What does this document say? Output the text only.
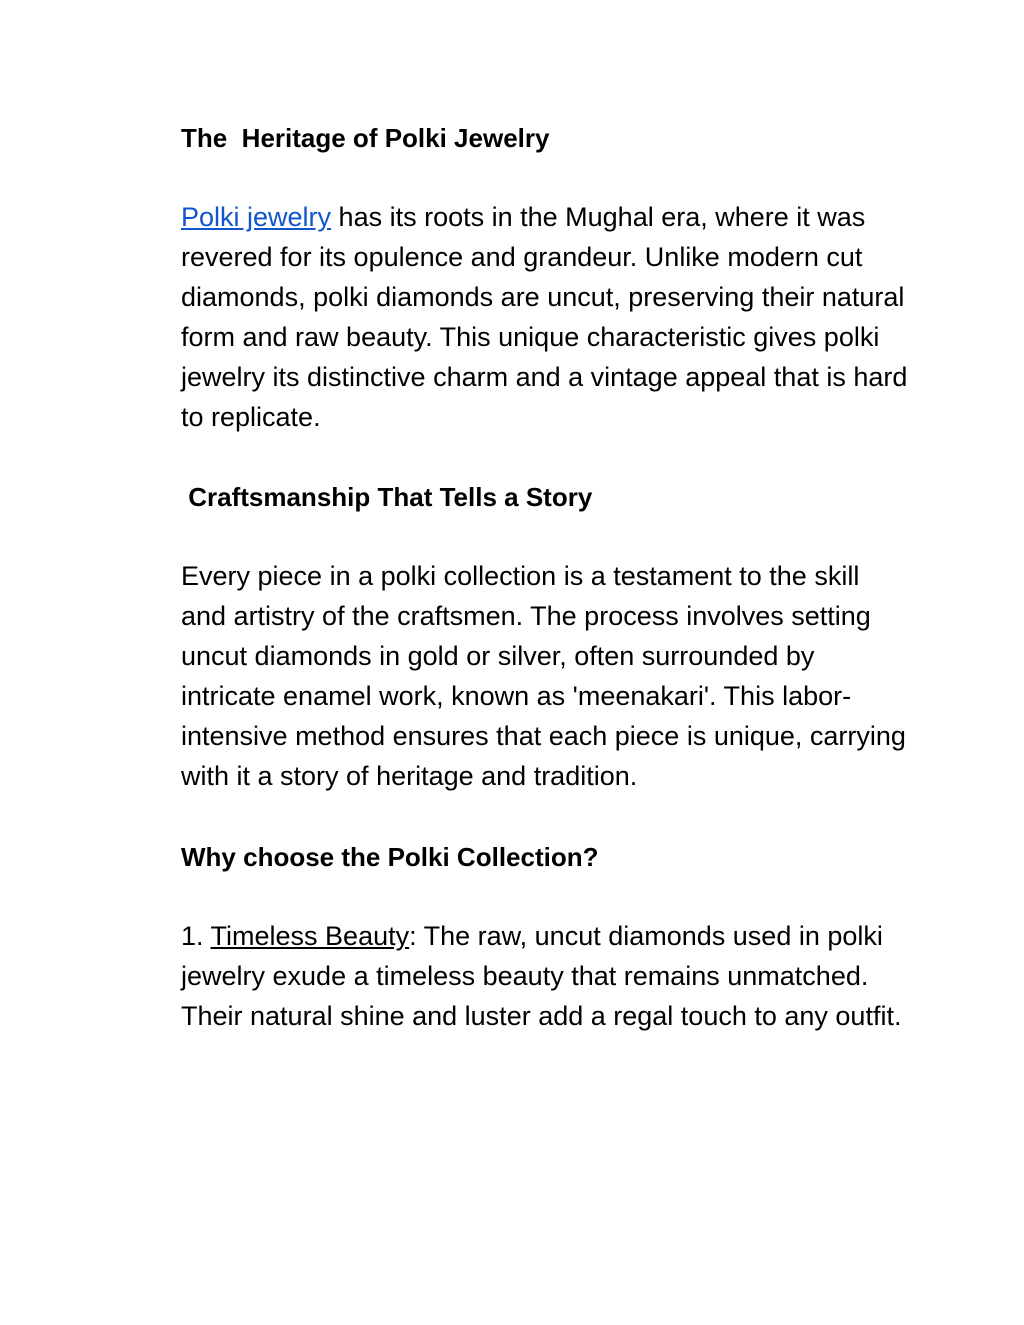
The  Heritage of Polki Jewelry

Polki jewelry has its roots in the Mughal era, where it was revered for its opulence and grandeur. Unlike modern cut diamonds, polki diamonds are uncut, preserving their natural form and raw beauty. This unique characteristic gives polki jewelry its distinctive charm and a vintage appeal that is hard to replicate.

Craftsmanship That Tells a Story

Every piece in a polki collection is a testament to the skill and artistry of the craftsmen. The process involves setting uncut diamonds in gold or silver, often surrounded by intricate enamel work, known as 'meenakari'. This labor-intensive method ensures that each piece is unique, carrying with it a story of heritage and tradition.

Why choose the Polki Collection?

1. Timeless Beauty: The raw, uncut diamonds used in polki jewelry exude a timeless beauty that remains unmatched. Their natural shine and luster add a regal touch to any outfit.
